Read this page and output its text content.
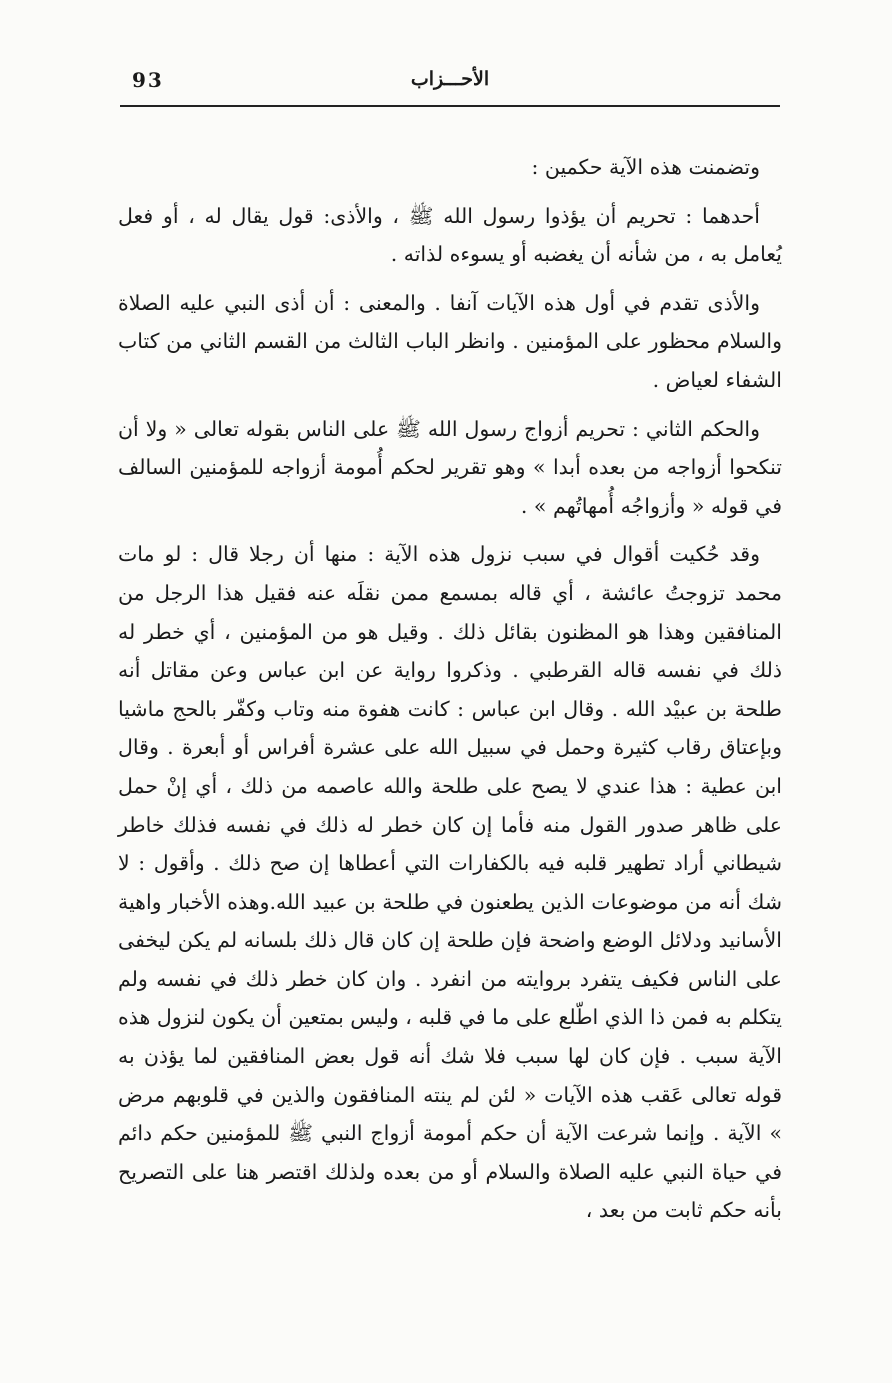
93	الأحـــزاب

وتضمنت هذه الآية حكمين :

أحدهما : تحريم أن يؤذوا رسول الله ﷺ ، والأذى: قول يقال له ، أو فعل يُعامل به ، من شأنه أن يغضبه أو يسوءه لذاته .

والأذى تقدم في أول هذه الآيات آنفا . والمعنى : أن أذى النبي عليه الصلاة والسلام محظور على المؤمنين . وانظر الباب الثالث من القسم الثاني من كتاب الشفاء لعياض .

والحكم الثاني : تحريم أزواج رسول الله ﷺ على الناس بقوله تعالى « ولا أن تنكحوا أزواجه من بعده أبدا » وهو تقرير لحكم أُمومة أزواجه للمؤمنين السالف في قوله « وأزواجُه أُمهاتُهم » .

وقد حُكيت أقوال في سبب نزول هذه الآية : منها أن رجلا قال : لو مات محمد تزوجتُ عائشة ، أي قاله بمسمع ممن نقلَه عنه فقيل هذا الرجل من المنافقين وهذا هو المظنون بقائل ذلك . وقيل هو من المؤمنين ، أي خطر له ذلك في نفسه قاله القرطبي . وذكروا رواية عن ابن عباس وعن مقاتل أنه طلحة بن عبيْد الله . وقال ابن عباس : كانت هفوة منه وتاب وكفّر بالحج ماشيا وبإعتاق رقاب كثيرة وحمل في سبيل الله على عشرة أفراس أو أبعرة . وقال ابن عطية : هذا عندي لا يصح على طلحة والله عاصمه من ذلك ، أي إنْ حمل على ظاهر صدور القول منه فأما إن كان خطر له ذلك في نفسه فذلك خاطر شيطاني أراد تطهير قلبه فيه بالكفارات التي أعطاها إن صح ذلك . وأقول : لا شك أنه من موضوعات الذين يطعنون في طلحة بن عبيد الله.وهذه الأخبار واهية الأسانيد ودلائل الوضع واضحة فإن طلحة إن كان قال ذلك بلسانه لم يكن ليخفى على الناس فكيف يتفرد بروايته من انفرد . وان كان خطر ذلك في نفسه ولم يتكلم به فمن ذا الذي اطّلع على ما في قلبه ، وليس بمتعين أن يكون لنزول هذه الآية سبب . فإن كان لها سبب فلا شك أنه قول بعض المنافقين لما يؤذن به قوله تعالى عَقب هذه الآيات « لئن لم ينته المنافقون والذين في قلوبهم مرض » الآية . وإنما شرعت الآية أن حكم أمومة أزواج النبي ﷺ للمؤمنين حكم دائم في حياة النبي عليه الصلاة والسلام أو من بعده ولذلك اقتصر هنا على التصريح بأنه حكم ثابت من بعد ،
